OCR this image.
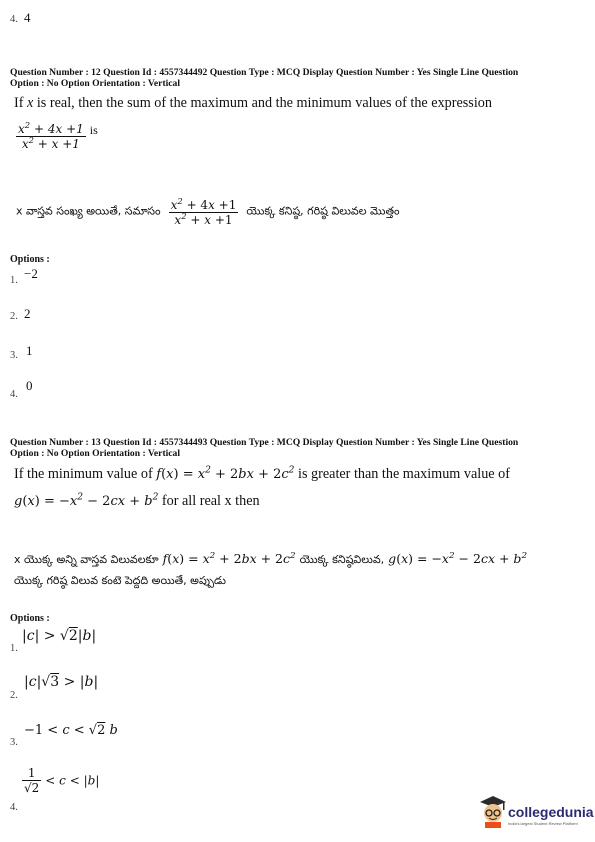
4. 4
Question Number : 12 Question Id : 4557344492 Question Type : MCQ Display Question Number : Yes Single Line Question
Option : No Option Orientation : Vertical
If x is real, then the sum of the maximum and the minimum values of the expression
$\frac{x^2 + 4x +1}{x^2 + x +1} ^{is}$
x వాస్తవ సంఖ్య అయితే, సమాసం $\frac{x^2 + 4x +1}{x^2 + x +1}$ యొక్క కనిష్ఠ, గరిష్ఠ విలువల మొత్తం
Options :
1. −2
2. 2
3. 1
4.
0
Question Number : 13 Question Id : 4557344493 Question Type : MCQ Display Question Number : Yes Single Line Question
Option : No Option Orientation : Vertical
If the minimum value of $f(x) = x^2 + 2bx + 2c^2$ is greater than the maximum value of
$g(x) = -x^2 - 2cx + b^2$ for all real x then
x యొక్క అన్ని వాస్తవ విలువలకూ $f(x) = x^2 + 2bx + 2c^2$ యొక్క కనిష్ఠవిలువ, $g(x) = -x^2 - 2cx + b^2$
యొక్క గరిష్ఠ విలువ కంటె పెద్దది అయితే, అప్పుడు
Options :
1.
|c| > √2|b|
2.
|c|√3 > |b|
3.
−1 < c < √2 b
4.
$\frac{1}{√2} < c < |b|$
collegedunia
India's largest Student Review Platform
